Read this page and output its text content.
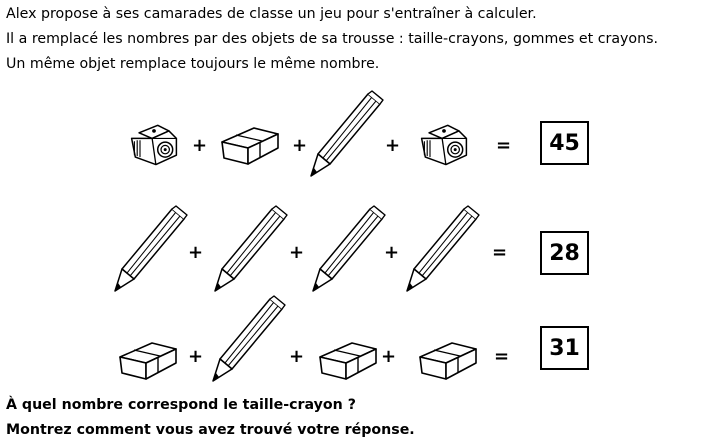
Alex propose à ses camarades de classe un jeu pour s'entraîner à calculer.

Il a remplacé les nombres par des objets de sa trousse : taille-crayons, gommes et crayons.

Un même objet remplace toujours le même nombre.

+	+	+	=	45
+	+	+	=	28
+	+	+	=	31

À quel nombre correspond le taille-crayon ?

Montrez comment vous avez trouvé votre réponse.
